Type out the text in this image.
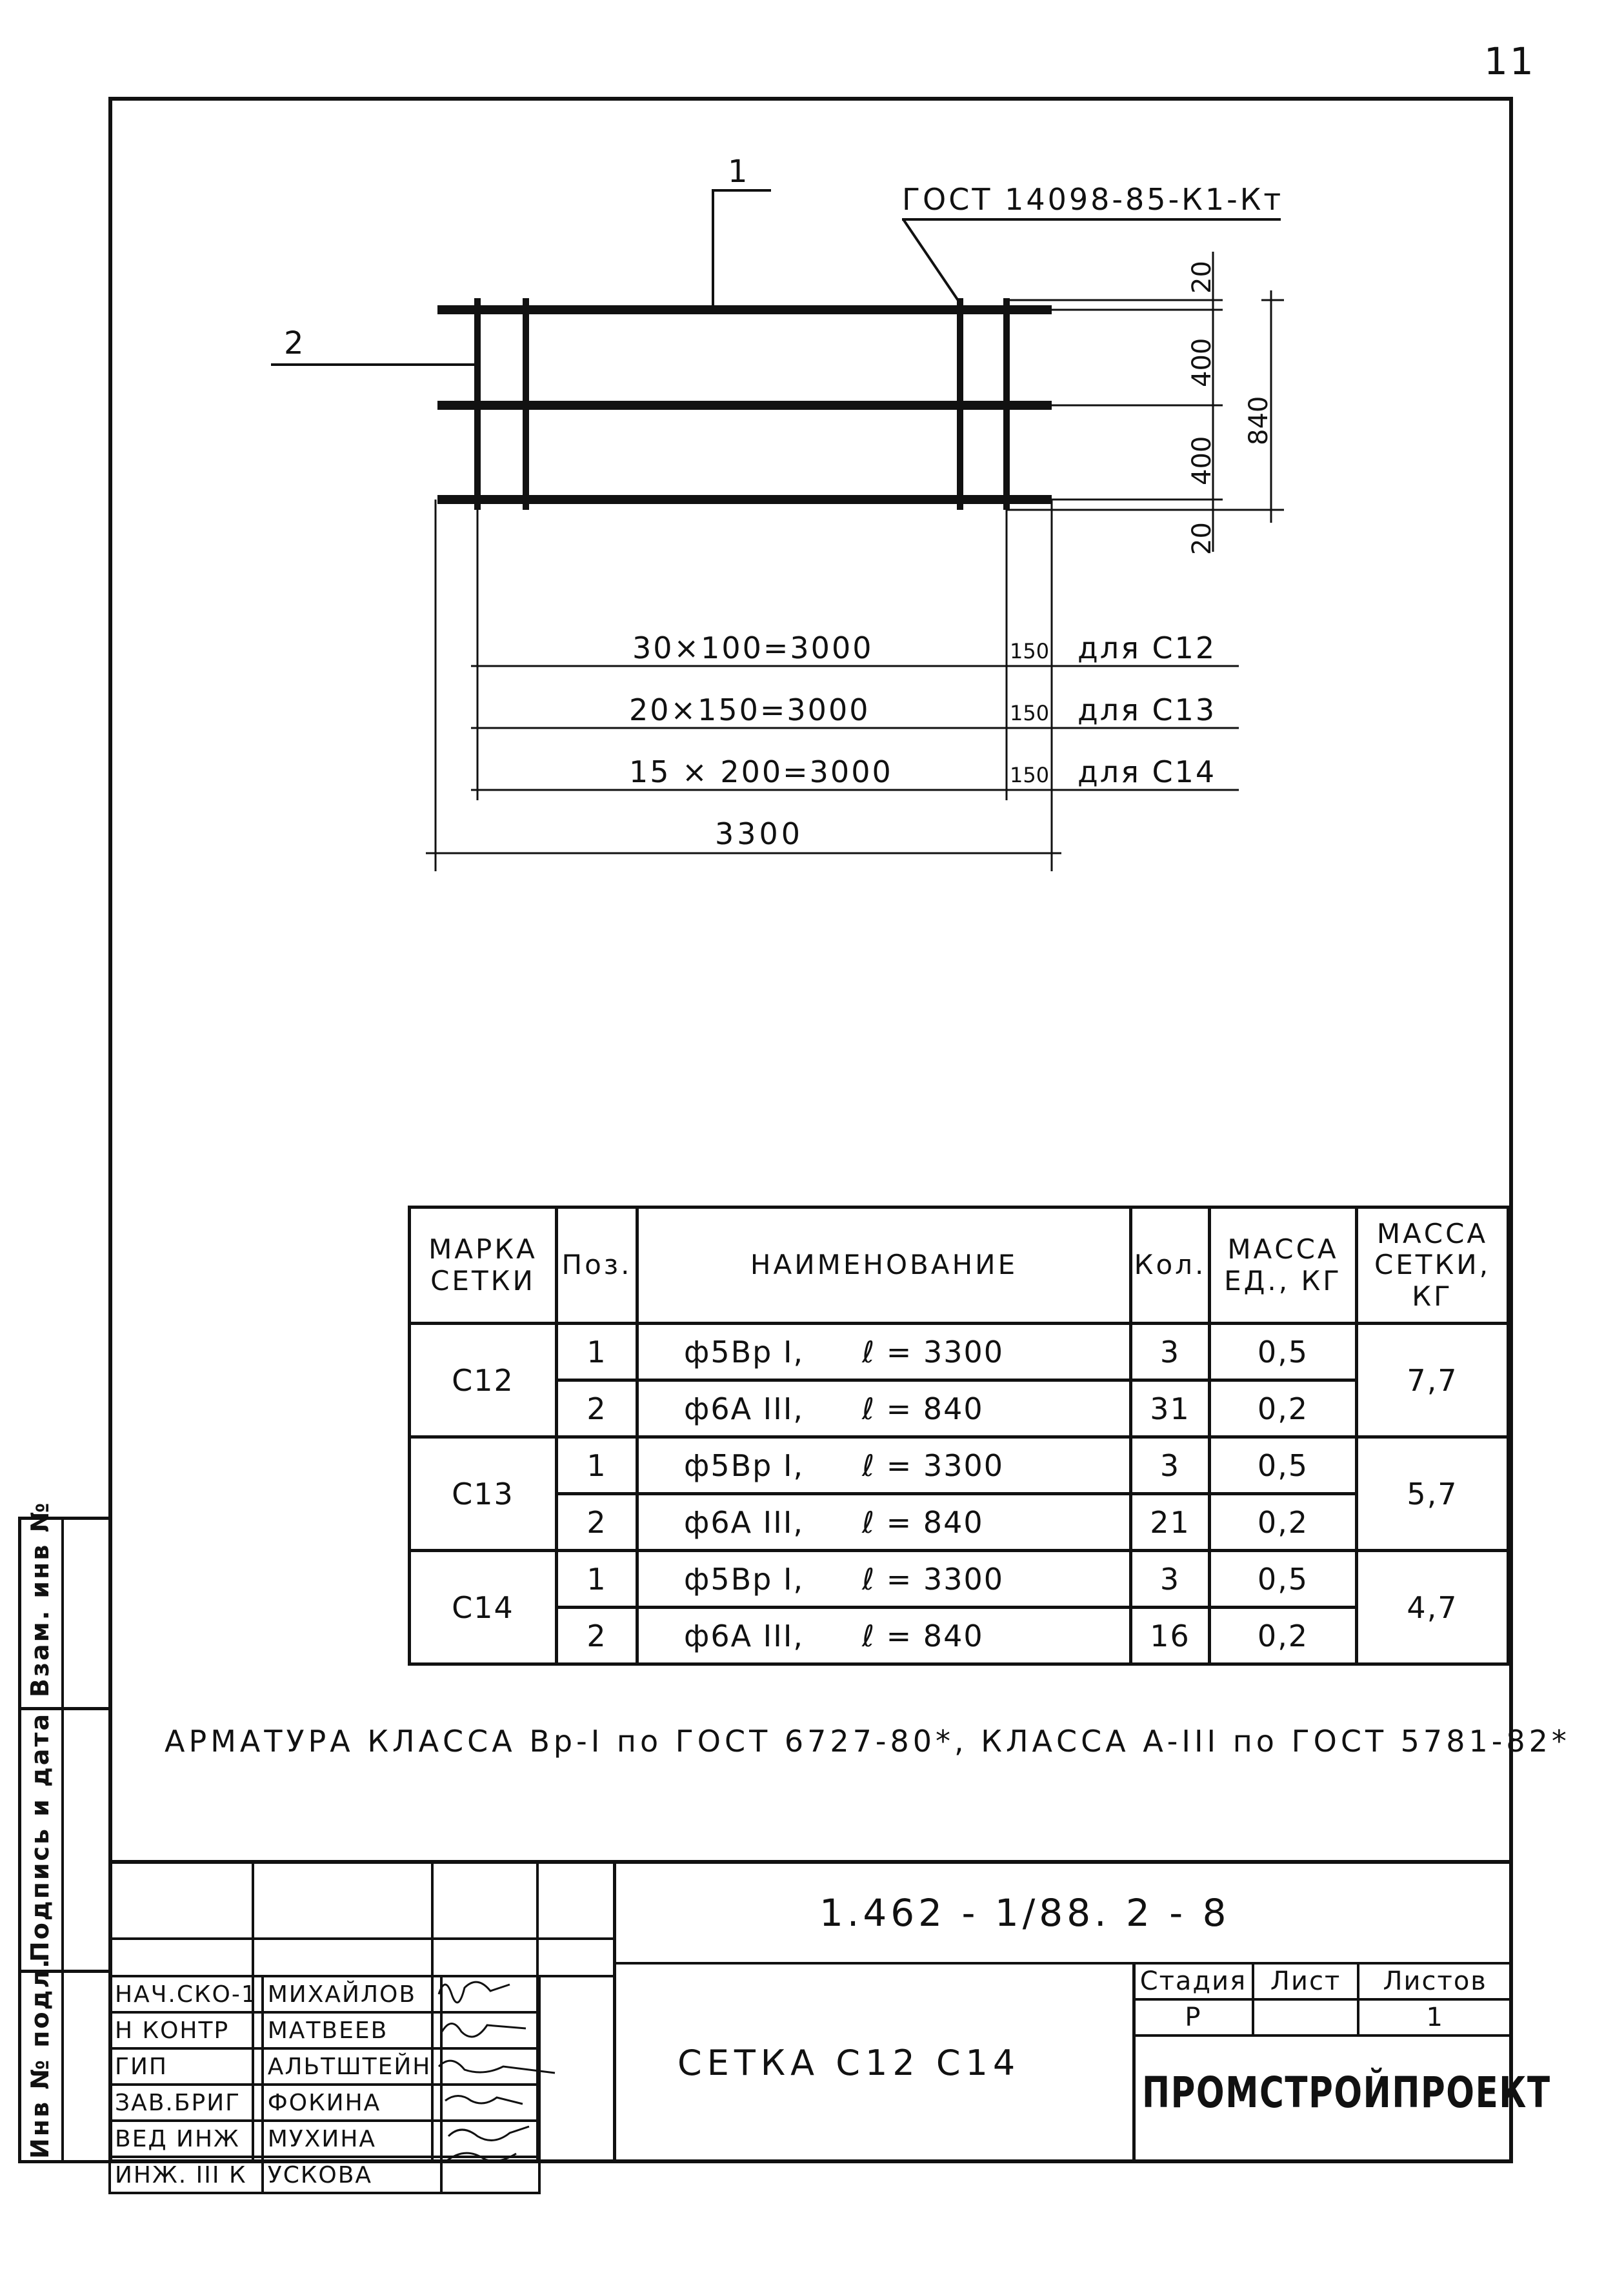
11
1
2
ГОСТ 14098-85-К1-Кт
20
400
400
20
840
30×100=3000	150 для С12
20×150=3000	150 для С13
15 × 200=3000	150 для С14
3300
МАРКА СЕТКИ	Поз.	НАИМЕНОВАНИЕ	Кол.	МАССА ЕД., КГ	МАССА СЕТКИ, КГ
С12	1	ф5Вр I, ℓ = 3300	3	0,5	7,7
	2	ф6А III, ℓ = 840	31	0,2	
С13	1	ф5Вр I, ℓ = 3300	3	0,5	5,7
	2	ф6А III, ℓ = 840	21	0,2	
С14	1	ф5Вр I, ℓ = 3300	3	0,5	4,7
	2	ф6А III, ℓ = 840	16	0,2	
АРМАТУРА КЛАССА Вр-I по ГОСТ 6727-80*, КЛАССА А-III по ГОСТ 5781-82*
Взам. инв №
Подпись и дата
Инв № подл.	НАЧ.СКО-1	МИХАЙЛОВ	
Н КОНТР	МАТВЕЕВ	
ГИП	АЛЬТШТЕЙН	
ЗАВ.БРИГ	ФОКИНА	
ВЕД ИНЖ	МУХИНА	
ИНЖ. III К	УСКОВА	
1.462 - 1/88. 2 - 8
СЕТКА С12 С14
Стадия	Лист	Листов
Р		1
ПРОМСТРОЙПРОЕКТ
